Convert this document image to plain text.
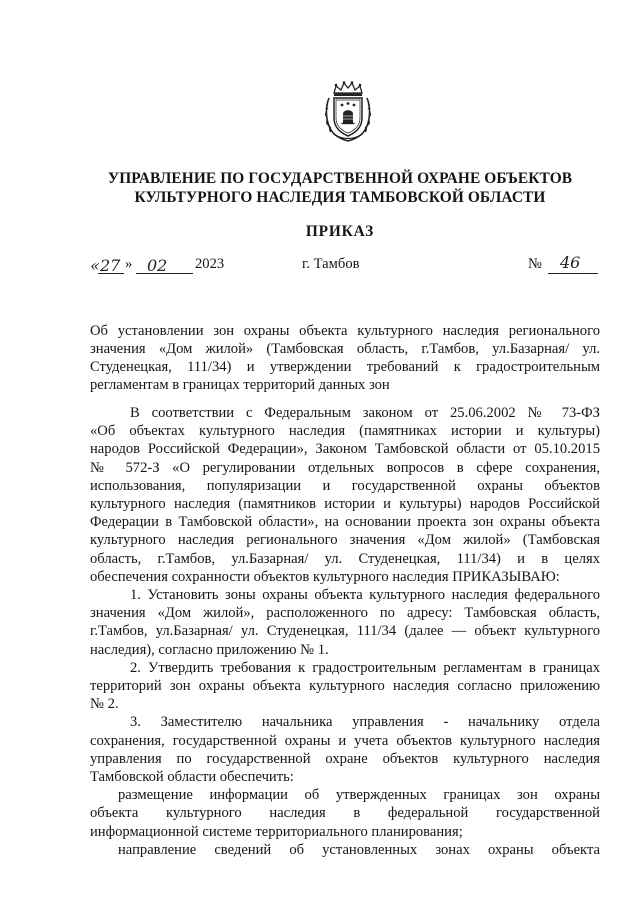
УПРАВЛЕНИЕ ПО ГОСУДАРСТВЕННОЙ ОХРАНЕ ОБЪЕКТОВ
КУЛЬТУРНОГО НАСЛЕДИЯ ТАМБОВСКОЙ ОБЛАСТИ
ПРИКАЗ
« 27 » 02 2023	г. Тамбов	№ 46
Об установлении зон охраны объекта культурного наследия регионального
значения «Дом жилой» (Тамбовская область, г.Тамбов, ул.Базарная/ ул.
Студенецкая, 111/34) и утверждении требований к градостроительным
регламентам в границах территорий данных зон
В соответствии с Федеральным законом от 25.06.2002 № 73-ФЗ
«Об объектах культурного наследия (памятниках истории и культуры)
народов Российской Федерации», Законом Тамбовской области от 05.10.2015
№ 572-З «О регулировании отдельных вопросов в сфере сохранения,
использования, популяризации и государственной охраны объектов
культурного наследия (памятников истории и культуры) народов Российской
Федерации в Тамбовской области», на основании проекта зон охраны объекта
культурного наследия регионального значения «Дом жилой» (Тамбовская
область, г.Тамбов, ул.Базарная/ ул. Студенецкая, 111/34) и в целях
обеспечения сохранности объектов культурного наследия ПРИКАЗЫВАЮ:
1. Установить зоны охраны объекта культурного наследия федерального
значения «Дом жилой», расположенного по адресу: Тамбовская область,
г.Тамбов, ул.Базарная/ ул. Студенецкая, 111/34 (далее — объект культурного
наследия), согласно приложению № 1.
2. Утвердить требования к градостроительным регламентам в границах
территорий зон охраны объекта культурного наследия согласно приложению
№ 2.
3. Заместителю начальника управления - начальнику отдела
сохранения, государственной охраны и учета объектов культурного наследия
управления по государственной охране объектов культурного наследия
Тамбовской области обеспечить:
размещение информации об утвержденных границах зон охраны
объекта культурного наследия в федеральной государственной
информационной системе территориального планирования;
направление сведений об установленных зонах охраны объекта
